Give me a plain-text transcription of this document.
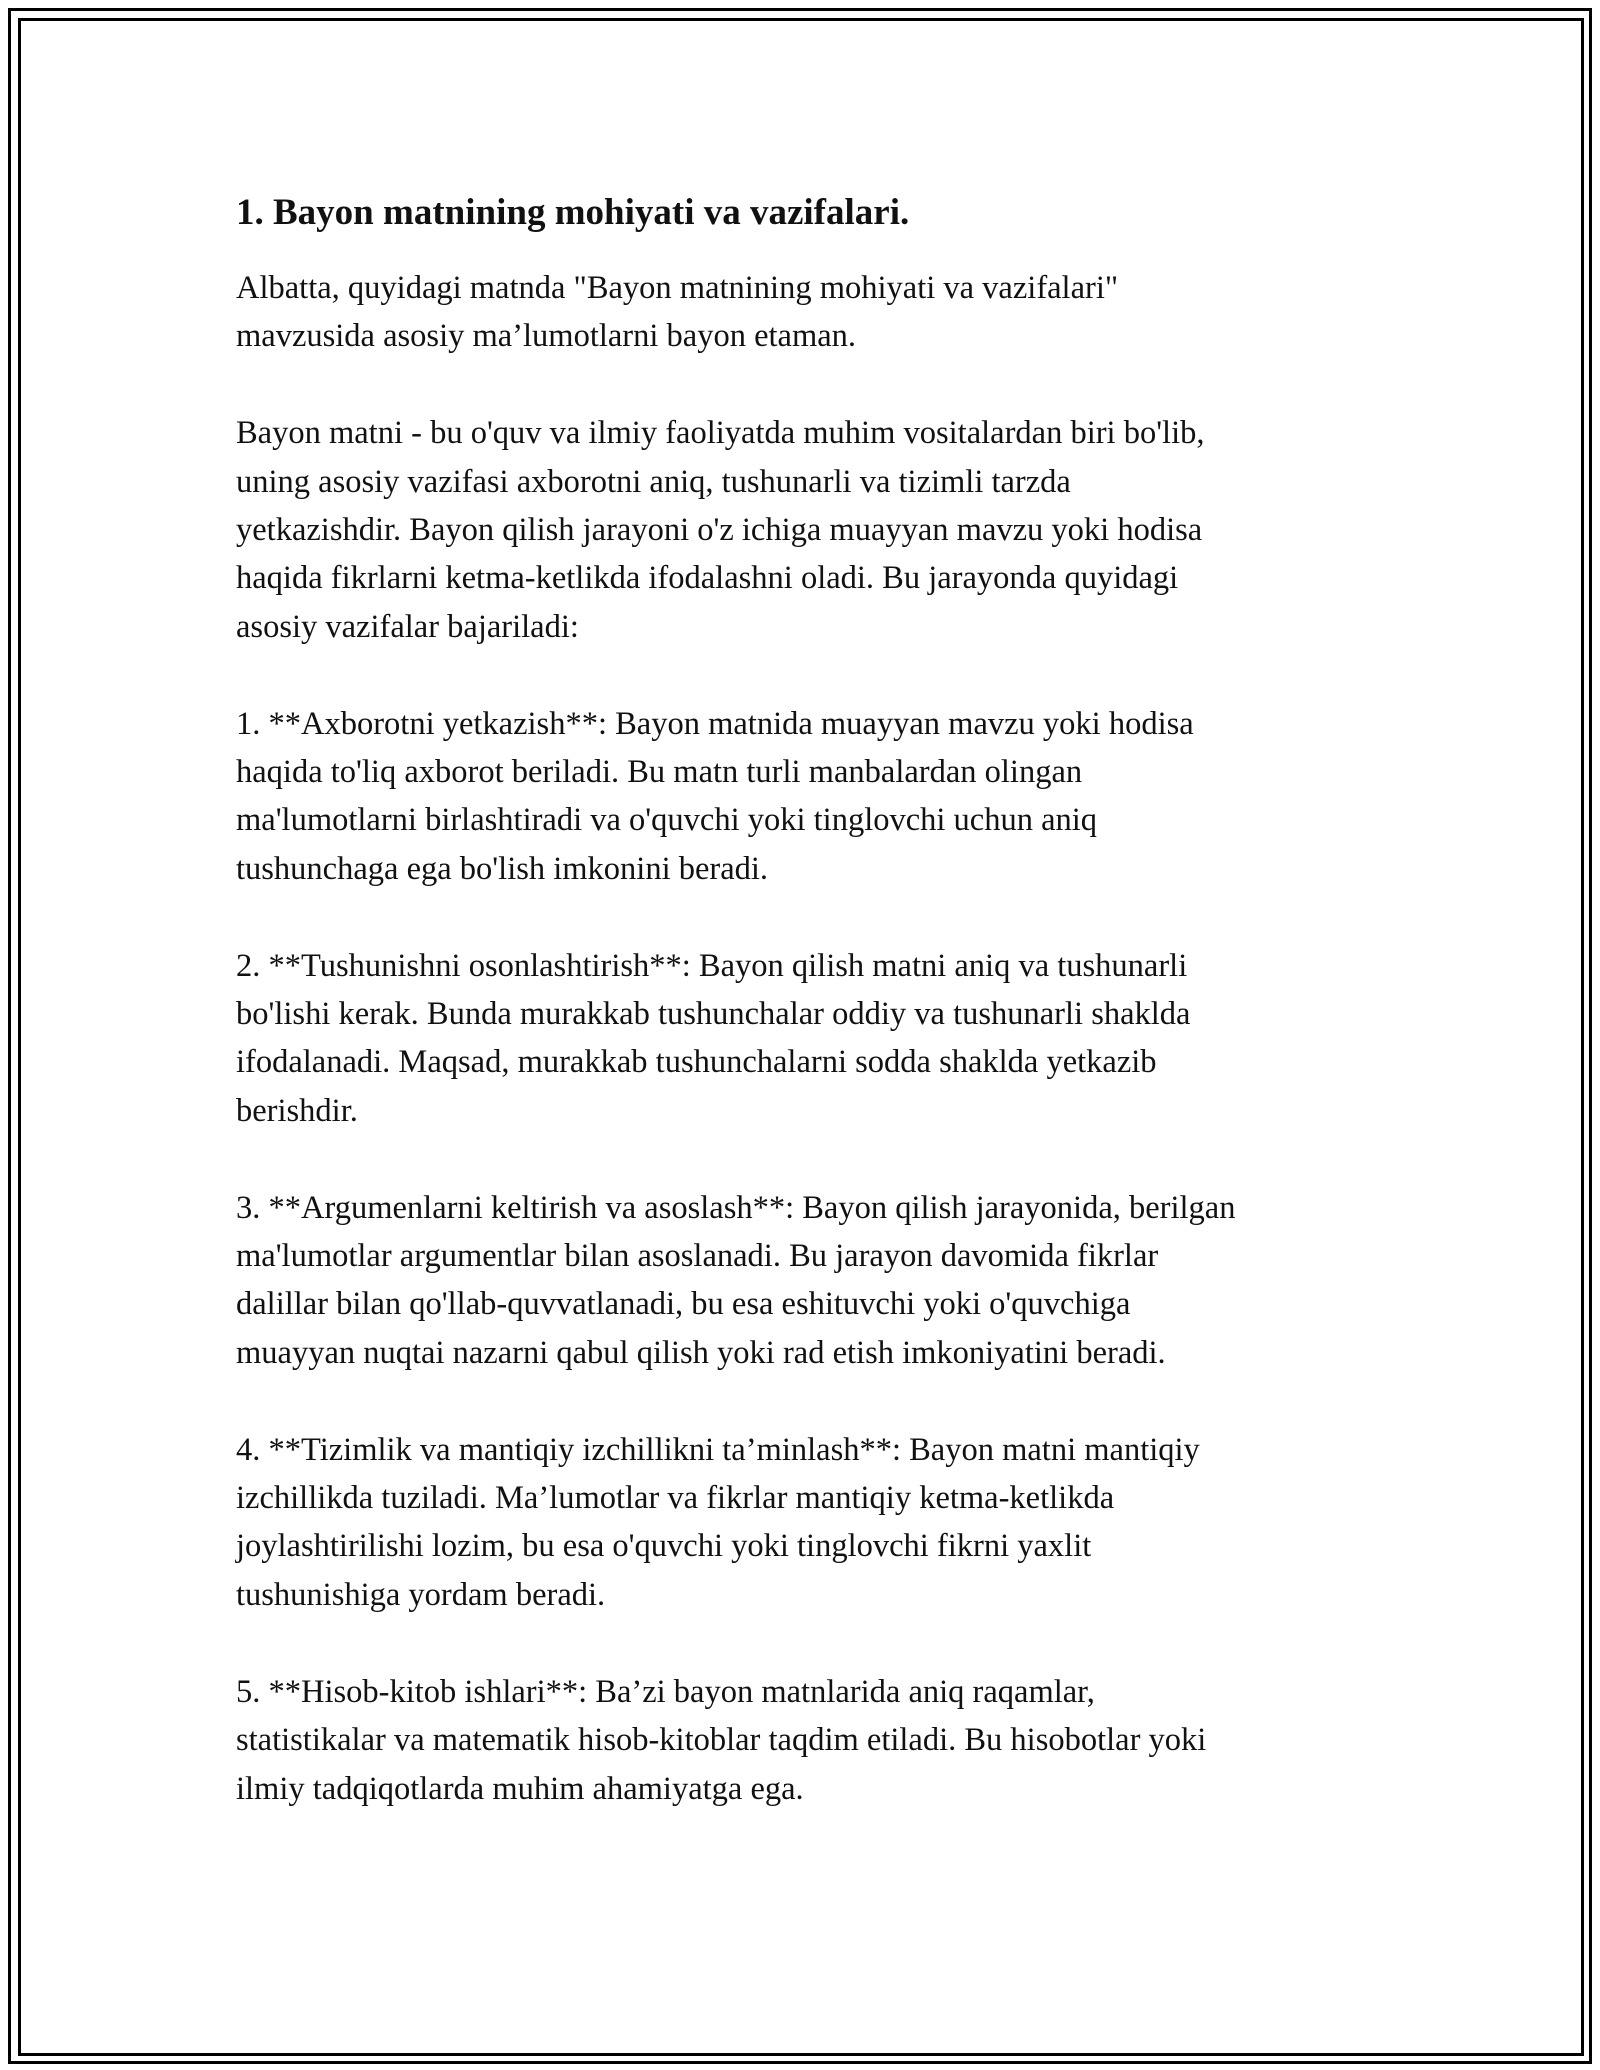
1. Bayon matnining mohiyati va vazifalari.

Albatta, quyidagi matnda "Bayon matnining mohiyati va vazifalari"
mavzusida asosiy ma’lumotlarni bayon etaman.

Bayon matni - bu o'quv va ilmiy faoliyatda muhim vositalardan biri bo'lib,
uning asosiy vazifasi axborotni aniq, tushunarli va tizimli tarzda
yetkazishdir. Bayon qilish jarayoni o'z ichiga muayyan mavzu yoki hodisa
haqida fikrlarni ketma-ketlikda ifodalashni oladi. Bu jarayonda quyidagi
asosiy vazifalar bajariladi:

1. **Axborotni yetkazish**: Bayon matnida muayyan mavzu yoki hodisa
haqida to'liq axborot beriladi. Bu matn turli manbalardan olingan
ma'lumotlarni birlashtiradi va o'quvchi yoki tinglovchi uchun aniq
tushunchaga ega bo'lish imkonini beradi.

2. **Tushunishni osonlashtirish**: Bayon qilish matni aniq va tushunarli
bo'lishi kerak. Bunda murakkab tushunchalar oddiy va tushunarli shaklda
ifodalanadi. Maqsad, murakkab tushunchalarni sodda shaklda yetkazib
berishdir.

3. **Argumenlarni keltirish va asoslash**: Bayon qilish jarayonida, berilgan
ma'lumotlar argumentlar bilan asoslanadi. Bu jarayon davomida fikrlar
dalillar bilan qo'llab-quvvatlanadi, bu esa eshituvchi yoki o'quvchiga
muayyan nuqtai nazarni qabul qilish yoki rad etish imkoniyatini beradi.

4. **Tizimlik va mantiqiy izchillikni ta’minlash**: Bayon matni mantiqiy
izchillikda tuziladi. Ma’lumotlar va fikrlar mantiqiy ketma-ketlikda
joylashtirilishi lozim, bu esa o'quvchi yoki tinglovchi fikrni yaxlit
tushunishiga yordam beradi.

5. **Hisob-kitob ishlari**: Ba’zi bayon matnlarida aniq raqamlar,
statistikalar va matematik hisob-kitoblar taqdim etiladi. Bu hisobotlar yoki
ilmiy tadqiqotlarda muhim ahamiyatga ega.
